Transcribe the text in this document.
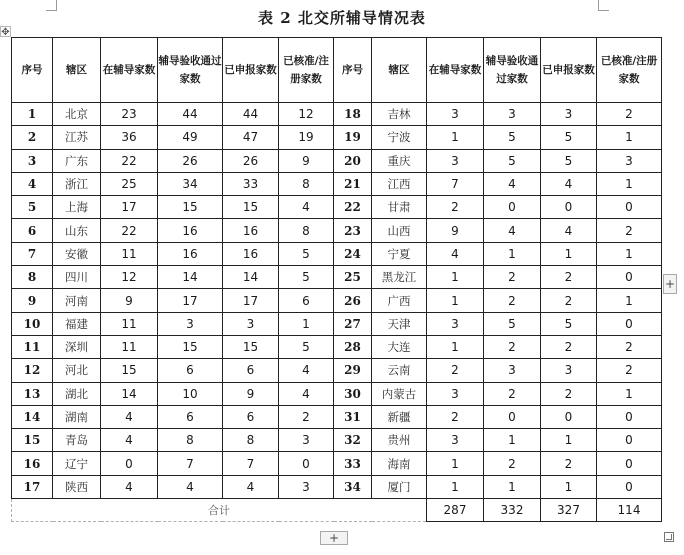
✥
表 2 北交所辅导情况表
序号	辖区	在辅导家数	辅导验收通过家数	已申报家数	已核准/注册家数	序号	辖区	在辅导家数	辅导验收通过家数	已申报家数	已核准/注册家数
1	北京	23	44	44	12	18	吉林	3	3	3	2
2	江苏	36	49	47	19	19	宁波	1	5	5	1
3	广东	22	26	26	9	20	重庆	3	5	5	3
4	浙江	25	34	33	8	21	江西	7	4	4	1
5	上海	17	15	15	4	22	甘肃	2	0	0	0
6	山东	22	16	16	8	23	山西	9	4	4	2
7	安徽	11	16	16	5	24	宁夏	4	1	1	1
8	四川	12	14	14	5	25	黑龙江	1	2	2	0
9	河南	9	17	17	6	26	广西	1	2	2	1
10	福建	11	3	3	1	27	天津	3	5	5	0
11	深圳	11	15	15	5	28	大连	1	2	2	2
12	河北	15	6	6	4	29	云南	2	3	3	2
13	湖北	14	10	9	4	30	内蒙古	3	2	2	1
14	湖南	4	6	6	2	31	新疆	2	0	0	0
15	青岛	4	8	8	3	32	贵州	3	1	1	0
16	辽宁	0	7	7	0	33	海南	1	2	2	0
17	陕西	4	4	4	3	34	厦门	1	1	1	0
合计								287	332	327	114
+
+
